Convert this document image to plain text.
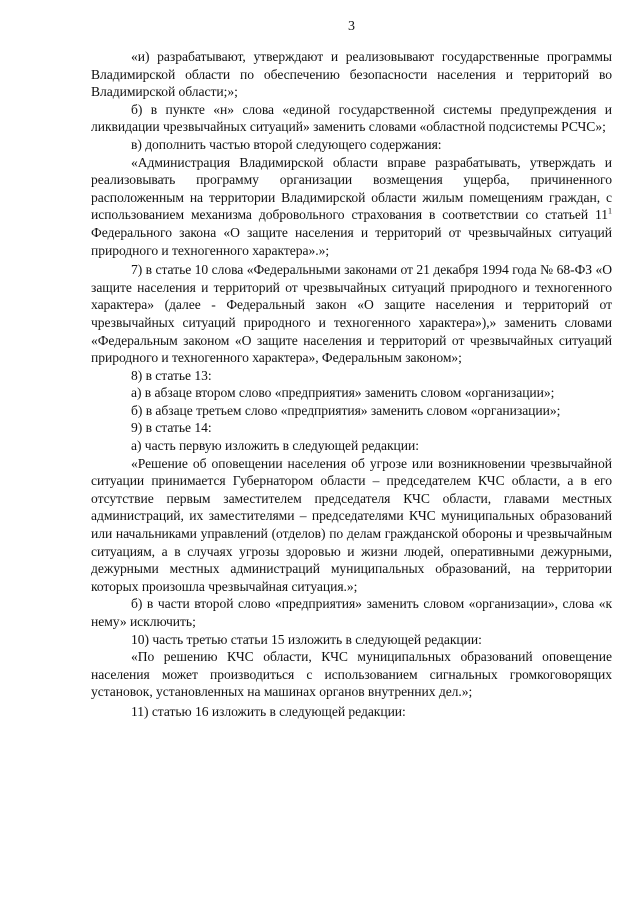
3

«и) разрабатывают, утверждают и реализовывают государственные программы Владимирской области по обеспечению безопасности населения и территорий во Владимирской области;»;

б) в пункте «н» слова «единой государственной системы предупреждения и ликвидации чрезвычайных ситуаций» заменить словами «областной подсистемы РСЧС»;

в) дополнить частью второй следующего содержания:

«Администрация Владимирской области вправе разрабатывать, утверждать и реализовывать программу организации возмещения ущерба, причиненного расположенным на территории Владимирской области жилым помещениям граждан, с использованием механизма добровольного страхования в соответствии со статьей $11^1$ Федерального закона «О защите населения и территорий от чрезвычайных ситуаций природного и техногенного характера».»;

7) в статье 10 слова «Федеральными законами от 21 декабря 1994 года № 68-ФЗ «О защите населения и территорий от чрезвычайных ситуаций природного и техногенного характера» (далее - Федеральный закон «О защите населения и территорий от чрезвычайных ситуаций природного и техногенного характера»),» заменить словами «Федеральным законом «О защите населения и территорий от чрезвычайных ситуаций природного и техногенного характера», Федеральным законом»;

8) в статье 13:

а) в абзаце втором слово «предприятия» заменить словом «организации»;

б) в абзаце третьем слово «предприятия» заменить словом «организации»;

9) в статье 14:

а) часть первую изложить в следующей редакции:

«Решение об оповещении населения об угрозе или возникновении чрезвычайной ситуации принимается Губернатором области – председателем КЧС области, а в его отсутствие первым заместителем председателя КЧС области, главами местных администраций, их заместителями – председателями КЧС муниципальных образований или начальниками управлений (отделов) по делам гражданской обороны и чрезвычайным ситуациям, а в случаях угрозы здоровью и жизни людей, оперативными дежурными, дежурными местных администраций муниципальных образований, на территории которых произошла чрезвычайная ситуация.»;

б) в части второй слово «предприятия» заменить словом «организации», слова «к нему» исключить;

10) часть третью статьи 15 изложить в следующей редакции:

«По решению КЧС области, КЧС муниципальных образований оповещение населения может производиться с использованием сигнальных громкоговорящих установок, установленных на машинах органов внутренних дел.»;

11) статью 16 изложить в следующей редакции:
